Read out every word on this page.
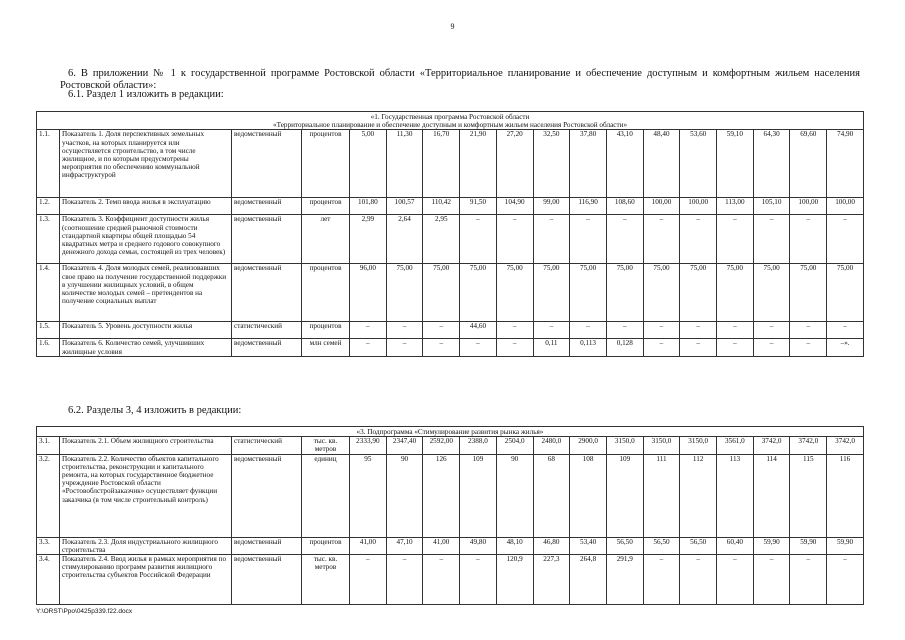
9
6. В приложении № 1 к государственной программе Ростовской области «Территориальное планирование и обеспечение доступным и комфортным жильем населения Ростовской области»:
6.1. Раздел 1 изложить в редакции:
«1. Государственная программа Ростовской области
«Территориальное планирование и обеспечение доступным и комфортным жильем населения Ростовской области»																	

1.1.	Показатель 1. Доля перспективных земельных участков, на которых планируется или осуществляется строительство, в том числе жилищное, и по которым предусмотрены мероприятия по обеспечению коммунальной инфраструктурой	ведомственный	процентов	5,00	11,30	16,70	21,90	27,20	32,50	37,80	43,10	48,40	53,60	59,10	64,30	69,60	74,90
1.2.	Показатель 2. Темп ввода жилья в эксплуатацию	ведомственный	процентов	101,80	100,57	110,42	91,50	104,90	99,00	116,90	108,60	100,00	100,00	113,00	105,10	100,00	100,00
1.3.	Показатель 3. Коэффициент доступности жилья (соотношение средней рыночной стоимости стандартной квартиры общей площадью 54 квадратных метра и среднего годового совокупного денежного дохода семьи, состоящей из трех человек)	ведомственный	лет	2,99	2,64	2,95	–	–	–	–	–	–	–	–	–	–	–
1.4.	Показатель 4. Доля молодых семей, реализовавших свое право на получение государственной поддержки в улучшении жилищных условий, в общем количестве молодых семей – претендентов на получение социальных выплат	ведомственный	процентов	96,00	75,00	75,00	75,00	75,00	75,00	75,00	75,00	75,00	75,00	75,00	75,00	75,00	75,00
1.5.	Показатель 5. Уровень доступности жилья	статистический	процентов	–	–	–	44,60	–	–	–	–	–	–	–	–	–	–
1.6.	Показатель 6. Количество семей, улучшивших жилищные условия	ведомственный	млн семей	–	–	–	–	–	0,11	0,113	0,128	–	–	–	–	–	–».
6.2. Разделы 3, 4 изложить в редакции:
«3. Подпрограмма «Стимулирование развития рынка жилья»																	
3.1.	Показатель 2.1. Объем жилищного строительства	статистический	тыс. кв. метров	2333,90	2347,40	2592,00	2388,0	2504,0	2480,0	2900,0	3150,0	3150,0	3150,0	3561,0	3742,0	3742,0	3742,0
3.2.	Показатель 2.2. Количество объектов капитального строительства, реконструкции и капитального ремонта, на которых государственное бюджетное учреждение Ростовской области «Ростовоблстройзаказчик» осуществляет функции заказчика (в том числе строительный контроль)	ведомственный	единиц	95	90	126	109	90	68	108	109	111	112	113	114	115	116
3.3.	Показатель 2.3. Доля индустриального жилищного строительства	ведомственный	процентов	41,00	47,10	41,00	49,80	48,10	46,80	53,40	56,50	56,50	56,50	60,40	59,90	59,90	59,90
3.4.	Показатель 2.4. Ввод жилья в рамках мероприятия по стимулированию программ развития жилищного строительства субъектов Российской Федерации	ведомственный	тыс. кв. метров	–	–	–	–	120,9	227,3	264,8	291,9	–	–	–	–	–	–
Y:\ORST\Ppo\0425p339.f22.docx
